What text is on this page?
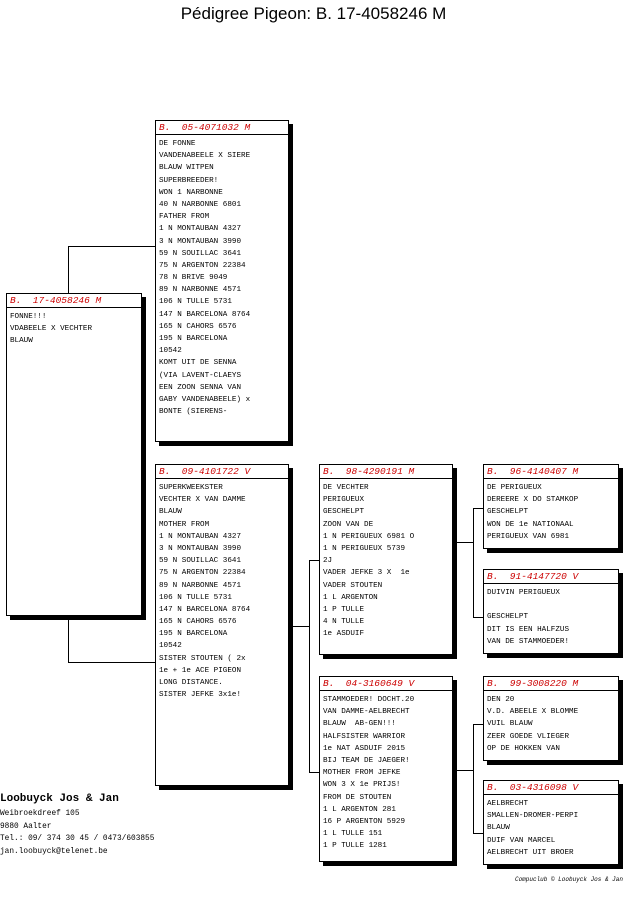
Pédigree Pigeon: B. 17-4058246 M
B.  17-4058246 M
FONNE!!!
VDABEELE X VECHTER
BLAUW
B.  05-4071032 M
DE FONNE
VANDENABEELE X SIERE
BLAUW WITPEN
SUPERBREEDER!
WON 1 NARBONNE
40 N NARBONNE 6801
FATHER FROM
1 N MONTAUBAN 4327
3 N MONTAUBAN 3990
59 N SOUILLAC 3641
75 N ARGENTON 22384
78 N BRIVE 9049
89 N NARBONNE 4571
106 N TULLE 5731
147 N BARCELONA 8764
165 N CAHORS 6576
195 N BARCELONA
10542
KOMT UIT DE SENNA
(VIA LAVENT-CLAEYS
EEN ZOON SENNA VAN
GABY VANDENABEELE) x
BONTE (SIERENS-
B.  09-4101722 V
SUPERKWEEKSTER
VECHTER X VAN DAMME
BLAUW
MOTHER FROM
1 N MONTAUBAN 4327
3 N MONTAUBAN 3990
59 N SOUILLAC 3641
75 N ARGENTON 22384
89 N NARBONNE 4571
106 N TULLE 5731
147 N BARCELONA 8764
165 N CAHORS 6576
195 N BARCELONA
10542
SISTER STOUTEN ( 2x
1e + 1e ACE PIGEON
LONG DISTANCE.
SISTER JEFKE 3x1e!
B.  98-4290191 M
DE VECHTER
PERIGUEUX
GESCHELPT
ZOON VAN DE
1 N PERIGUEUX 6981 O
1 N PERIGUEUX 5739
2J
VADER JEFKE 3 X  1e
VADER STOUTEN
1 L ARGENTON
1 P TULLE
4 N TULLE
1e ASDUIF
B.  04-3160649 V
STAMMOEDER! DOCHT.20
VAN DAMME-AELBRECHT
BLAUW  AB-GEN!!!
HALFSISTER WARRIOR
1e NAT ASDUIF 2015
BIJ TEAM DE JAEGER!
MOTHER FROM JEFKE
WON 3 X 1e PRIJS!
FROM DE STOUTEN
1 L ARGENTON 281
16 P ARGENTON 5929
1 L TULLE 151
1 P TULLE 1281
B.  96-4140407 M
DE PERIGUEUX
DEREERE X DO STAMKOP
GESCHELPT
WON DE 1e NATIONAAL
PERIGUEUX VAN 6981
B.  91-4147720 V
DUIVIN PERIGUEUX
GESCHELPT
DIT IS EEN HALFZUS
VAN DE STAMMOEDER!
B.  99-3008220 M
DEN 20
V.D. ABEELE X BLOMME
VUIL BLAUW
ZEER GOEDE VLIEGER
OP DE HOKKEN VAN
B.  03-4316098 V
AELBRECHT
SMALLEN-DROMER-PERPI
BLAUW
DUIF VAN MARCEL
AELBRECHT UIT BROER
Loobuyck Jos & Jan
Weibroekdreef 105
9880 Aalter
Tel.: 09/ 374 30 45 / 0473/603855
jan.loobuyck@telenet.be
Compuclub © Loobuyck Jos & Jan
